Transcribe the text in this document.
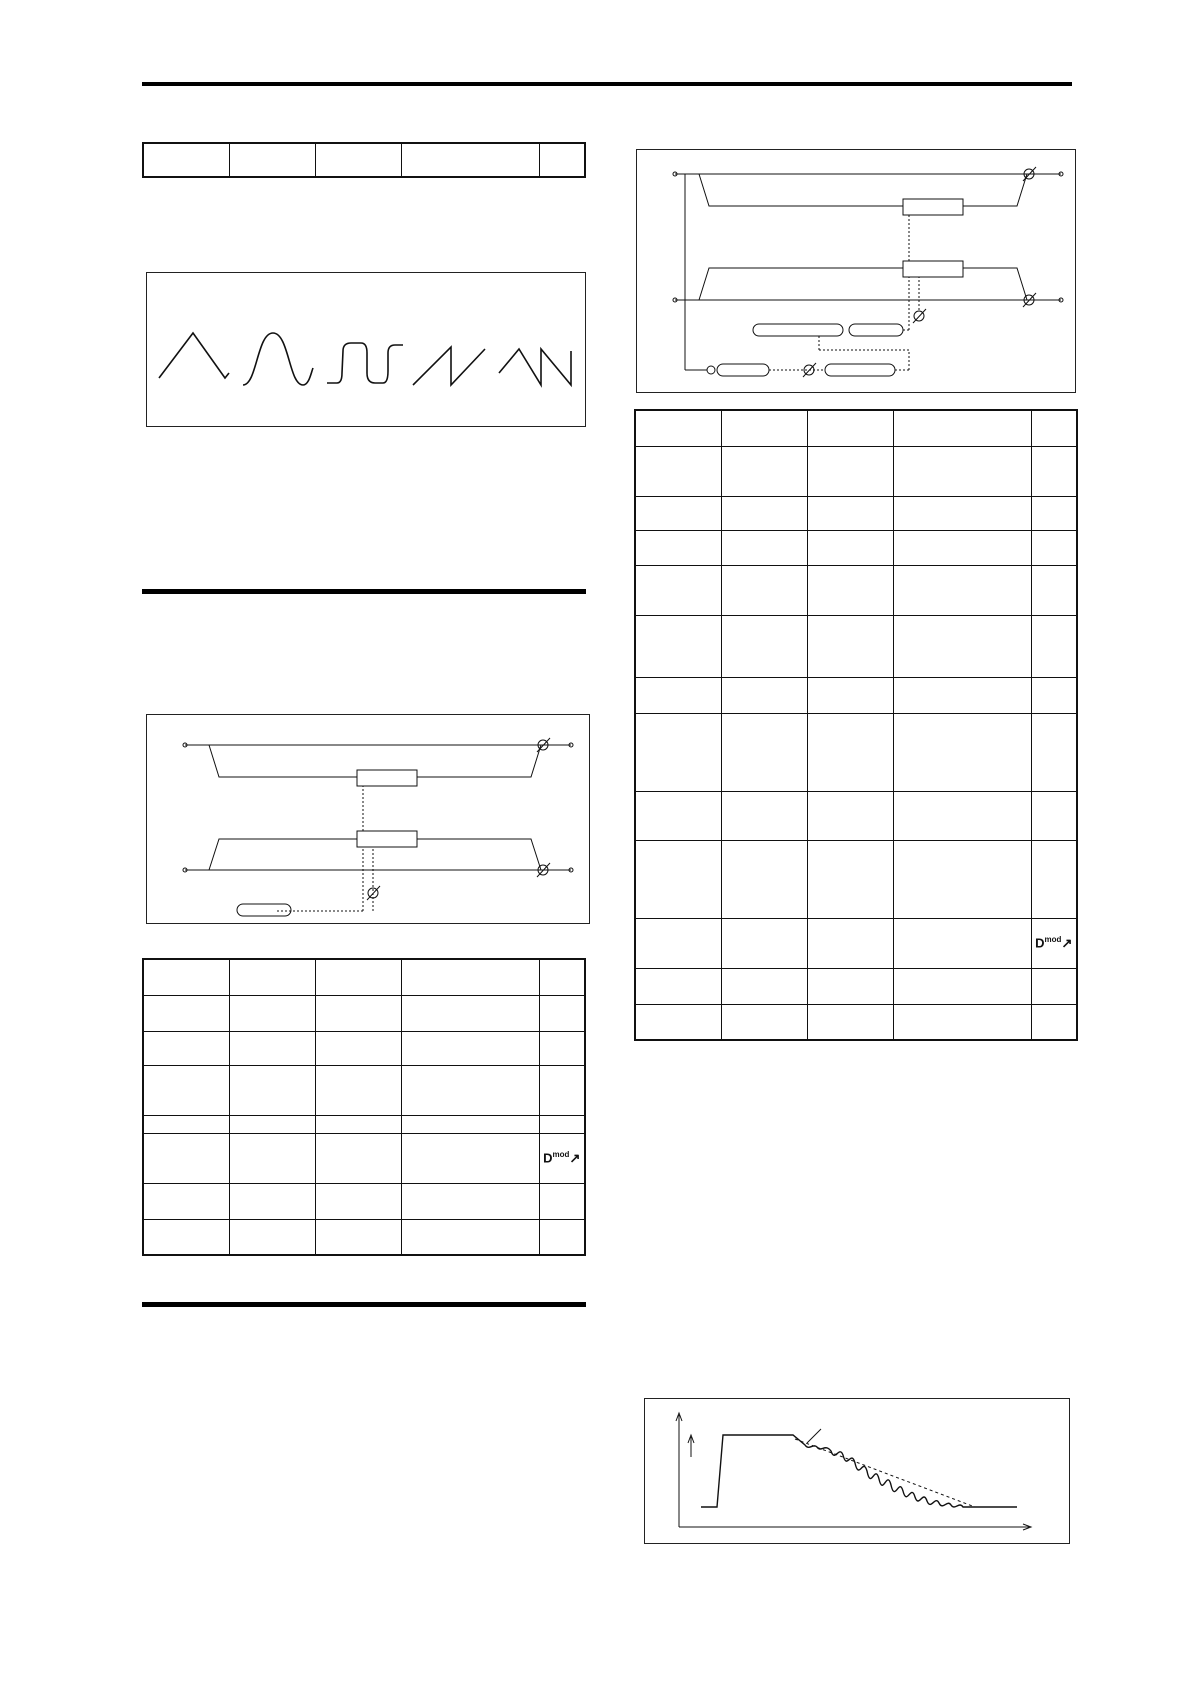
				$D^{mod}↗$

				$D^{mod}↗$
